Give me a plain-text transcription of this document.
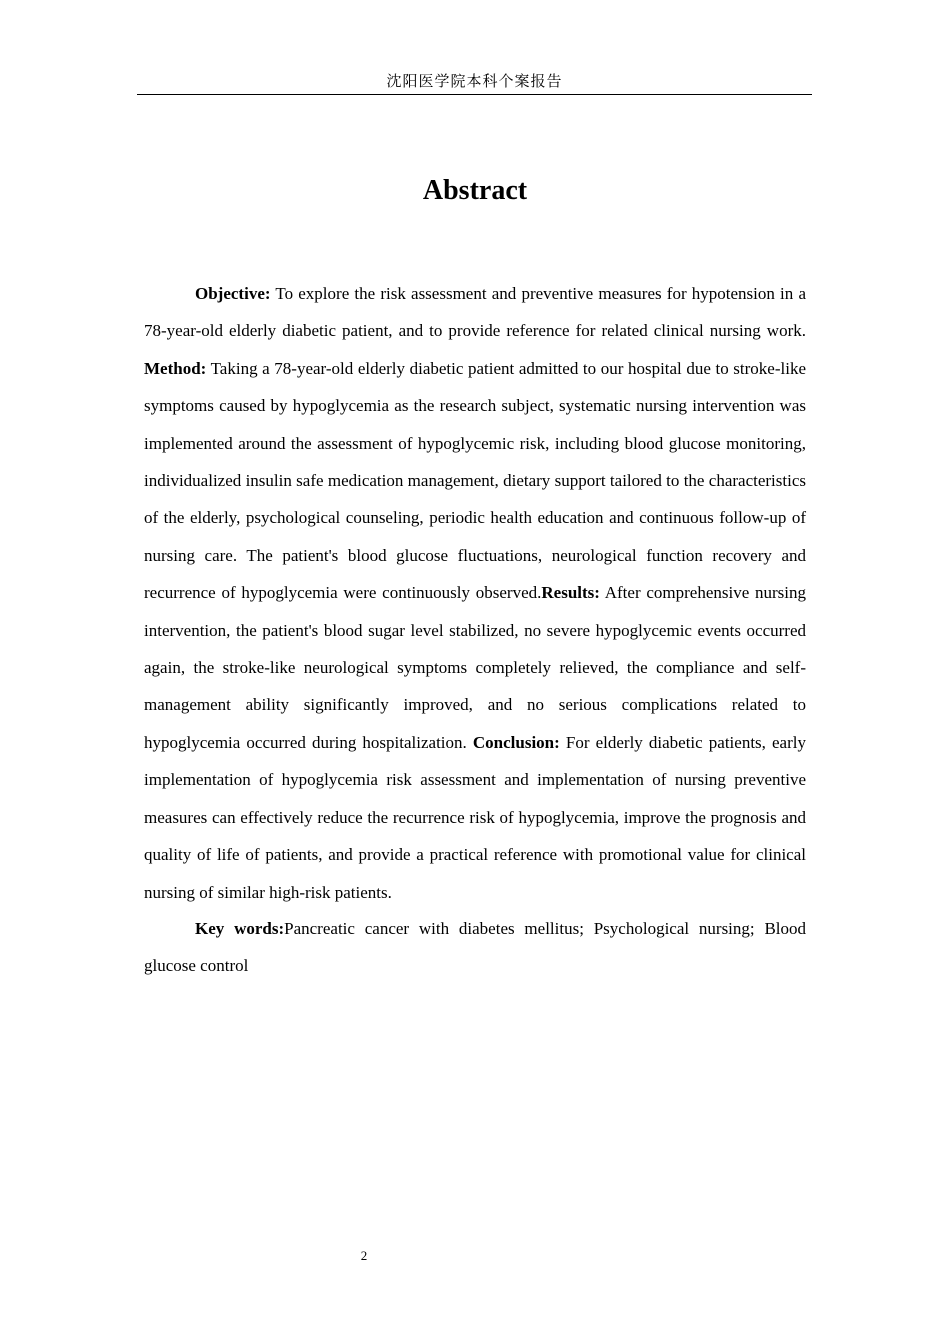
沈阳医学院本科个案报告
Abstract

Objective: To explore the risk assessment and preventive measures for hypotension in a 78-year-old elderly diabetic patient, and to provide reference for related clinical nursing work. Method: Taking a 78-year-old elderly diabetic patient admitted to our hospital due to stroke-like symptoms caused by hypoglycemia as the research subject, systematic nursing intervention was implemented around the assessment of hypoglycemic risk, including blood glucose monitoring, individualized insulin safe medication management, dietary support tailored to the characteristics of the elderly, psychological counseling, periodic health education and continuous follow-up of nursing care. The patient's blood glucose fluctuations, neurological function recovery and recurrence of hypoglycemia were continuously observed.Results: After comprehensive nursing intervention, the patient's blood sugar level stabilized, no severe hypoglycemic events occurred again, the stroke-like neurological symptoms completely relieved, the compliance and self-management ability significantly improved, and no serious complications related to hypoglycemia occurred during hospitalization. Conclusion: For elderly diabetic patients, early implementation of hypoglycemia risk assessment and implementation of nursing preventive measures can effectively reduce the recurrence risk of hypoglycemia, improve the prognosis and quality of life of patients, and provide a practical reference with promotional value for clinical nursing of similar high-risk patients.

Key words:Pancreatic cancer with diabetes mellitus; Psychological nursing; Blood glucose control

2
